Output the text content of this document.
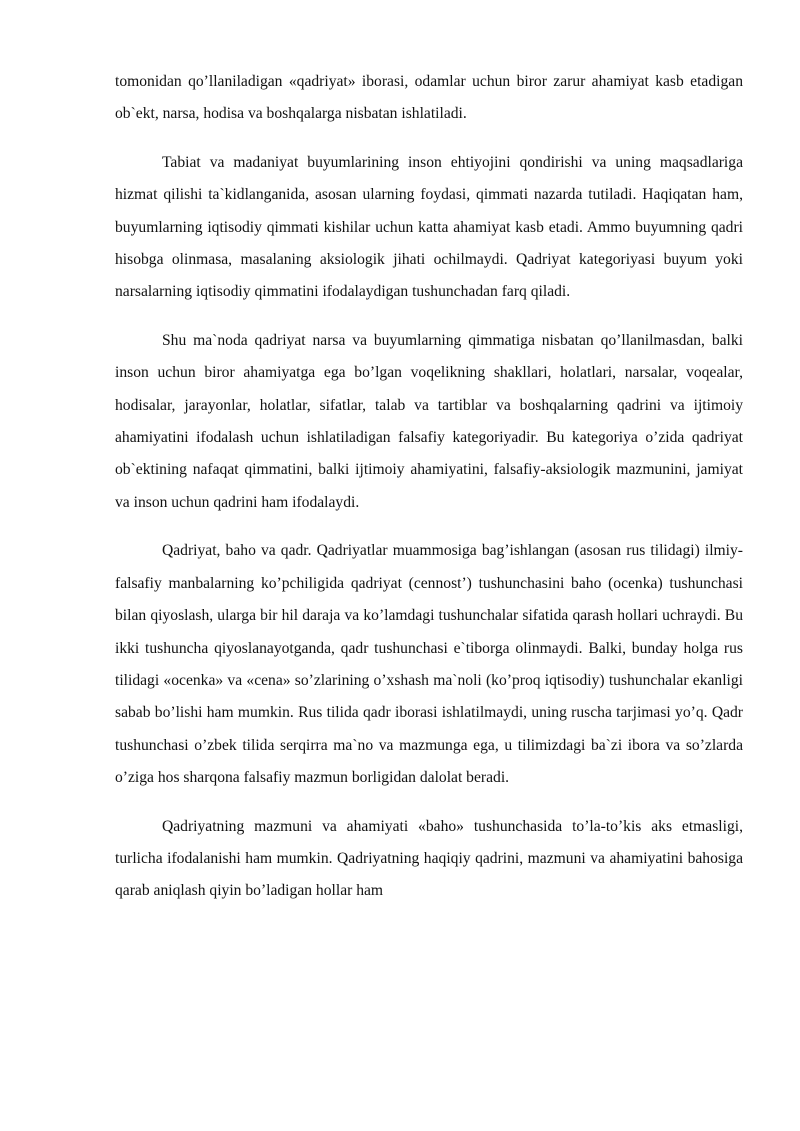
tomonidan qo’llaniladigan «qadriyat» iborasi, odamlar uchun biror zarur ahamiyat kasb etadigan ob`ekt, narsa, hodisa va boshqalarga nisbatan ishlatiladi.

Tabiat va madaniyat buyumlarining inson ehtiyojini qondirishi va uning maqsadlariga hizmat qilishi ta`kidlanganida, asosan ularning foydasi, qimmati nazarda tutiladi. Haqiqatan ham, buyumlarning iqtisodiy qimmati kishilar uchun katta ahamiyat kasb etadi. Ammo buyumning qadri hisobga olinmasa, masalaning aksiologik jihati ochilmaydi. Qadriyat kategoriyasi buyum yoki narsalarning iqtisodiy qimmatini ifodalaydigan tushunchadan farq qiladi.

Shu ma`noda qadriyat narsa va buyumlarning qimmatiga nisbatan qo’llanilmasdan, balki inson uchun biror ahamiyatga ega bo’lgan voqelikning shakllari, holatlari, narsalar, voqealar, hodisalar, jarayonlar, holatlar, sifatlar, talab va tartiblar va boshqalarning qadrini va ijtimoiy ahamiyatini ifodalash uchun ishlatiladigan falsafiy kategoriyadir. Bu kategoriya o’zida qadriyat ob`ektining nafaqat qimmatini, balki ijtimoiy ahamiyatini, falsafiy-aksiologik mazmunini, jamiyat va inson uchun qadrini ham ifodalaydi.

Qadriyat, baho va qadr. Qadriyatlar muammosiga bag’ishlangan (asosan rus tilidagi) ilmiy-falsafiy manbalarning ko’pchiligida qadriyat (cennost’) tushunchasini baho (ocenka) tushunchasi bilan qiyoslash, ularga bir hil daraja va ko’lamdagi tushunchalar sifatida qarash hollari uchraydi. Bu ikki tushuncha qiyoslanayotganda, qadr tushunchasi e`tiborga olinmaydi. Balki, bunday holga rus tilidagi «ocenka» va «cena» so’zlarining o’xshash ma`noli (ko’proq iqtisodiy) tushunchalar ekanligi sabab bo’lishi ham mumkin. Rus tilida qadr iborasi ishlatilmaydi, uning ruscha tarjimasi yo’q. Qadr tushunchasi o’zbek tilida serqirra ma`no va mazmunga ega, u tilimizdagi ba`zi ibora va so’zlarda o’ziga hos sharqona falsafiy mazmun borligidan dalolat beradi.

Qadriyatning mazmuni va ahamiyati «baho» tushunchasida to’la-to’kis aks etmasligi, turlicha ifodalanishi ham mumkin. Qadriyatning haqiqiy qadrini, mazmuni va ahamiyatini bahosiga qarab aniqlash qiyin bo’ladigan hollar ham
